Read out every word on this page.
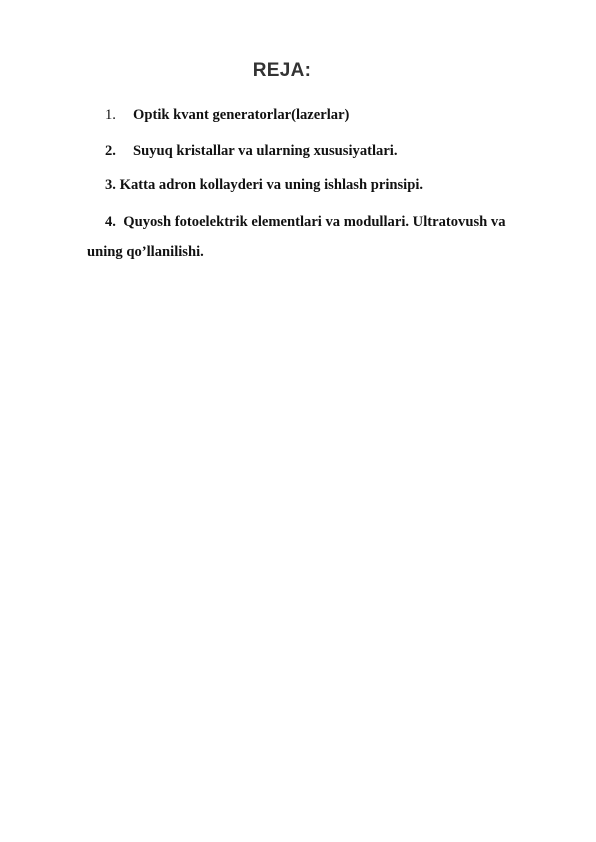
REJA:
1. Optik kvant generatorlar(lazerlar)
2. Suyuq kristallar va ularning xususiyatlari.
3. Katta adron kollayderi va uning ishlash prinsipi.
4. Quyosh fotoelektrik elementlari va modullari. Ultratovush va
uning qo’llanilishi.
